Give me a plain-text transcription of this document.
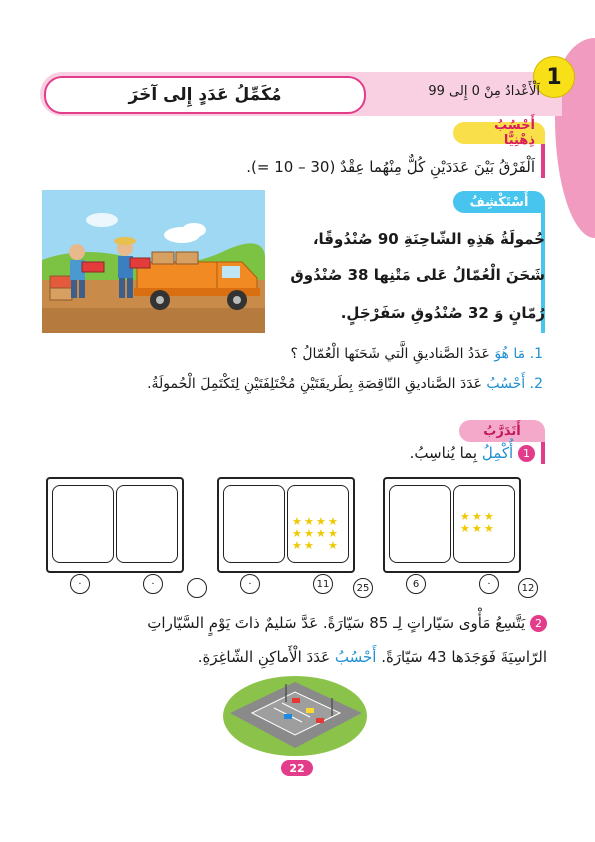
1
اَلْأَعْدادُ مِنْ 0 إِلى 99
مُكَمِّلُ عَدَدٍ إِلى آخَرَ
أَحْسُبُ ذِهْنِيًّا
اَلْفَرْقُ بَيْنَ عَدَدَيْنِ كُلٌّ مِنْهُما عِقْدٌ (30 – 10 =).
أَسْتَكْشِفُ
حُمولَةُ هَذِهِ الشّاحِنَةِ 90 صُنْدُوقًا،
شَحَنَ الْعُمّالُ عَلى مَتْنِها 38 صُنْدُوق
رُمّانٍ وَ 32 صُنْدُوقِ سَفَرْجَلٍ.
1. مَا هُوَ عَدَدُ الصَّناديقِ الَّتي شَحَنَها الْعُمّالُ ؟
2. أَحْسُبُ عَدَدَ الصَّناديقِ النّاقِصَةِ بِطَريقَتَيْنِ مُخْتَلِفَتَيْنِ لِتَكْتَمِلَ الْحُمولَةُ.
أَتَدَرَّبُ
1 أُكْمِلُ بِما يُناسِبُ.
★ ★ ★
★ ★ ★
12
6	·
★ ★ ★ ★
★ ★ ★ ★
★ ★ ★
25
·	11
·	·
2 يَتَّسِعُ مَأْوى سَيّاراتٍ لِـ 85 سَيّارَةً. عَدَّ سَليمٌ ذاتَ يَوْمٍ السَّيّاراتِ
الرّاسِيَةَ فَوَجَدَها 43 سَيّارَةً. أَحْسُبُ عَدَدَ الْأَماكِنِ الشّاغِرَةِ.
22
